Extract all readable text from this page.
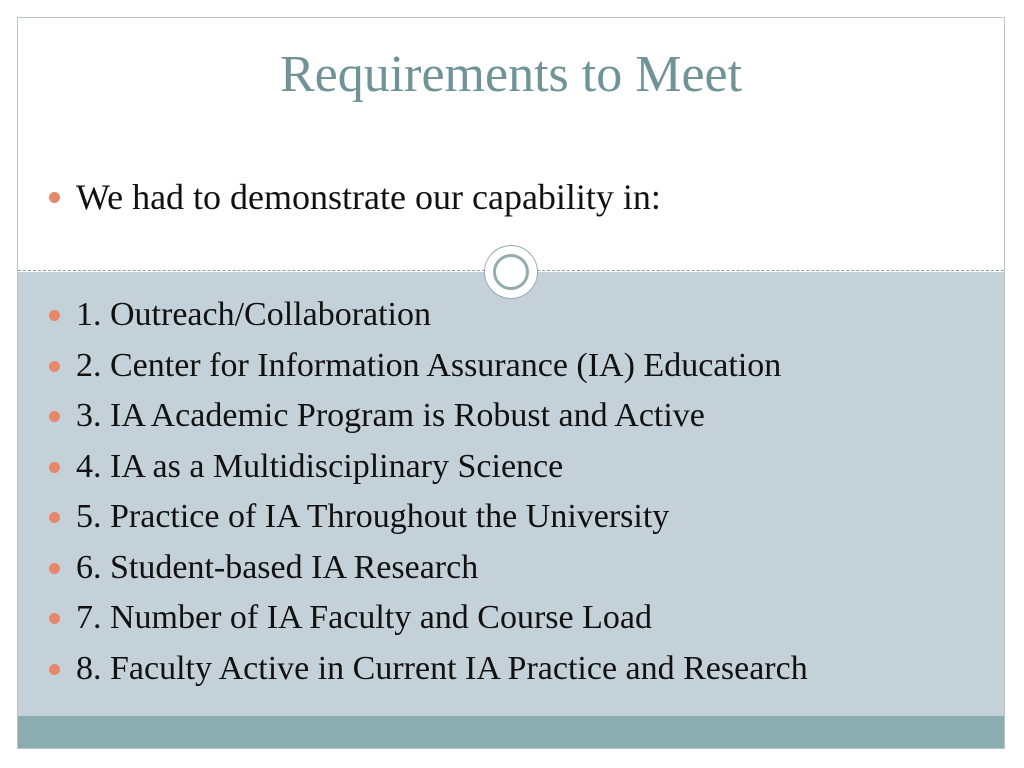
Requirements to Meet
We had to demonstrate our capability in:
1. Outreach/Collaboration
2. Center for Information Assurance (IA) Education
3. IA Academic Program is Robust and Active
4. IA as a Multidisciplinary Science
5. Practice of IA Throughout the University
6. Student-based IA Research
7. Number of IA Faculty and Course Load
8. Faculty Active in Current IA Practice and Research
